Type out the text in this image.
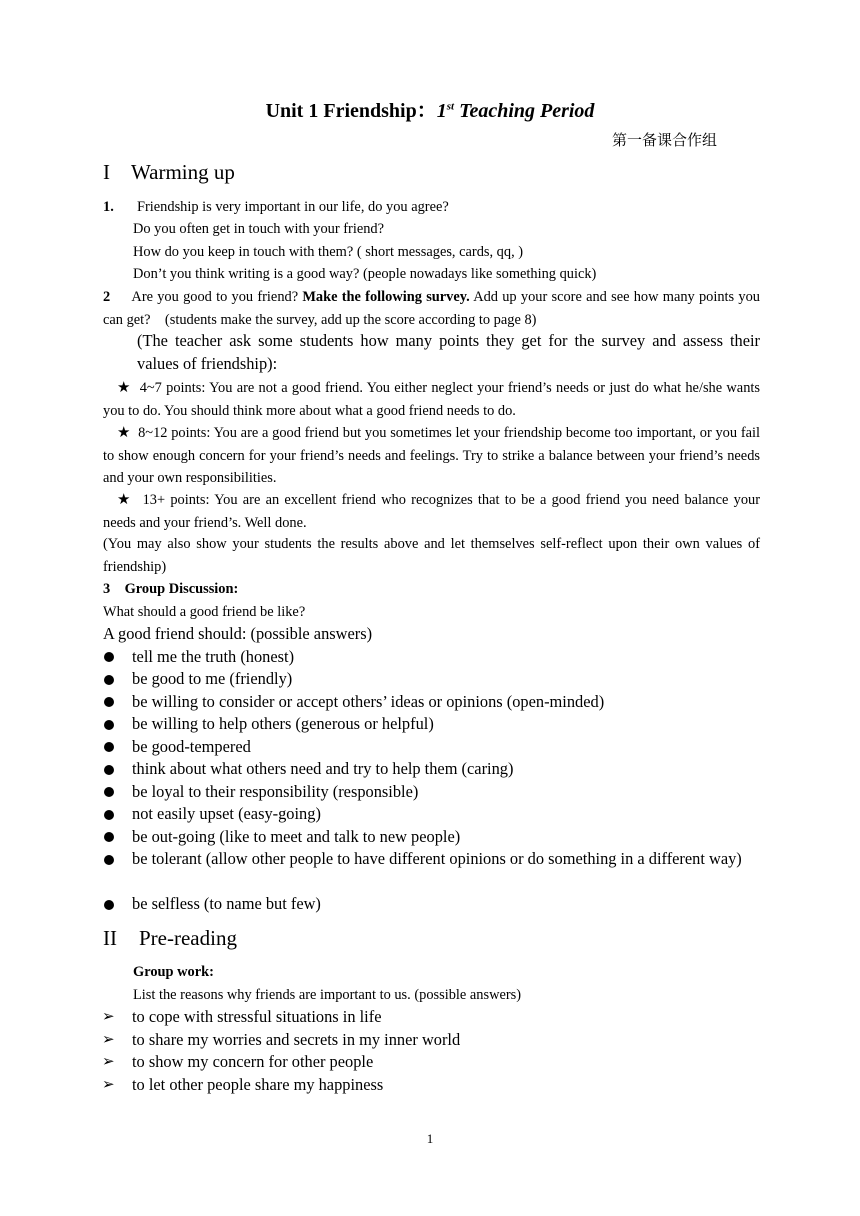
Unit 1 Friendship：1st Teaching Period
第一备课合作组
I Warming up
1. Friendship is very important in our life, do you agree?
Do you often get in touch with your friend?
How do you keep in touch with them? ( short messages, cards, qq, )
Don’t you think writing is a good way? (people nowadays like something quick)
2 Are you good to you friend? Make the following survey. Add up your score and see how many points you can get?    (students make the survey, add up the score according to page 8)
(The teacher ask some students how many points they get for the survey and assess their values of friendship):
★ 4~7 points: You are not a good friend. You either neglect your friend’s needs or just do what he/she wants you to do. You should think more about what a good friend needs to do.
★ 8~12 points: You are a good friend but you sometimes let your friendship become too important, or you fail to show enough concern for your friend’s needs and feelings. Try to strike a balance between your friend’s needs and your own responsibilities.
★ 13+ points: You are an excellent friend who recognizes that to be a good friend you need balance your needs and your friend’s. Well done.
(You may also show your students the results above and let themselves self-reflect upon their own values of friendship)
3 Group Discussion:
What should a good friend be like?
A good friend should: (possible answers)
tell me the truth (honest)
be good to me (friendly)
be willing to consider or accept others’ ideas or opinions (open-minded)
be willing to help others (generous or helpful)
be good-tempered
think about what others need and try to help them (caring)
be loyal to their responsibility (responsible)
not easily upset (easy-going)
be out-going (like to meet and talk to new people)
be tolerant (allow other people to have different opinions or do something in a different way)
be selfless (to name but few)
II Pre-reading
Group work:
List the reasons why friends are important to us. (possible answers)
➢ to cope with stressful situations in life
➢ to share my worries and secrets in my inner world
➢ to show my concern for other people
➢ to let other people share my happiness
1
